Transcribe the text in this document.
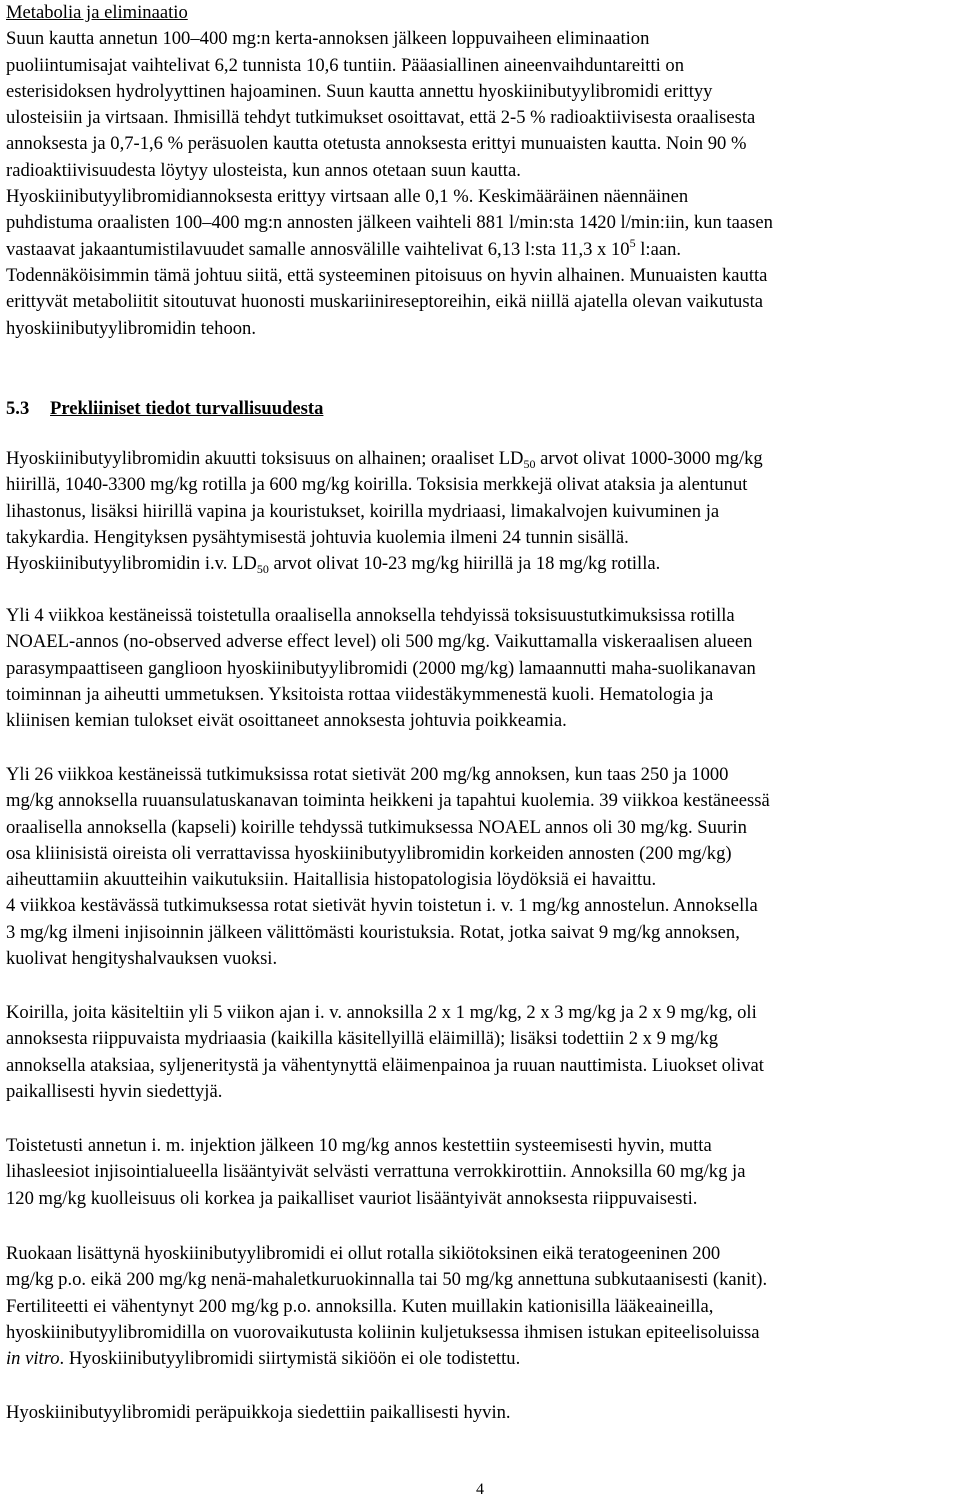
Metabolia ja eliminaatio

Suun kautta annetun 100–400 mg:n kerta-annoksen jälkeen loppuvaiheen eliminaation

puoliintumisajat vaihtelivat 6,2 tunnista 10,6 tuntiin. Pääasiallinen aineenvaihduntareitti on

esterisidoksen hydrolyyttinen hajoaminen. Suun kautta annettu hyoskiinibutyylibromidi erittyy

ulosteisiin ja virtsaan. Ihmisillä tehdyt tutkimukset osoittavat, että 2-5 % radioaktiivisesta oraalisesta

annoksesta ja 0,7-1,6 % peräsuolen kautta otetusta annoksesta erittyi munuaisten kautta. Noin 90 %

radioaktiivisuudesta löytyy ulosteista, kun annos otetaan suun kautta.

Hyoskiinibutyylibromidiannoksesta erittyy virtsaan alle 0,1 %. Keskimääräinen näennäinen

puhdistuma oraalisten 100–400 mg:n annosten jälkeen vaihteli 881 l/min:sta 1420 l/min:iin, kun taasen

vastaavat jakaantumistilavuudet samalle annosvälille vaihtelivat 6,13 l:sta 11,3 x $10^5$ l:aan.

Todennäköisimmin tämä johtuu siitä, että systeeminen pitoisuus on hyvin alhainen. Munuaisten kautta

erittyvät metaboliitit sitoutuvat huonosti muskariinireseptoreihin, eikä niillä ajatella olevan vaikutusta

hyoskiinibutyylibromidin tehoon.

5.3 Prekliiniset tiedot turvallisuudesta

Hyoskiinibutyylibromidin akuutti toksisuus on alhainen; oraaliset $LD_{50}$ arvot olivat 1000-3000 mg/kg

hiirillä, 1040-3300 mg/kg rotilla ja 600 mg/kg koirilla. Toksisia merkkejä olivat ataksia ja alentunut

lihastonus, lisäksi hiirillä vapina ja kouristukset, koirilla mydriaasi, limakalvojen kuivuminen ja

takykardia. Hengityksen pysähtymisestä johtuvia kuolemia ilmeni 24 tunnin sisällä.

Hyoskiinibutyylibromidin i.v. $LD_{50}$ arvot olivat 10-23 mg/kg hiirillä ja 18 mg/kg rotilla.

Yli 4 viikkoa kestäneissä toistetulla oraalisella annoksella tehdyissä toksisuustutkimuksissa rotilla

NOAEL-annos (no-observed adverse effect level) oli 500 mg/kg. Vaikuttamalla viskeraalisen alueen

parasympaattiseen ganglioon hyoskiinibutyylibromidi (2000 mg/kg) lamaannutti maha-suolikanavan

toiminnan ja aiheutti ummetuksen. Yksitoista rottaa viidestäkymmenestä kuoli. Hematologia ja

kliinisen kemian tulokset eivät osoittaneet annoksesta johtuvia poikkeamia.

Yli 26 viikkoa kestäneissä tutkimuksissa rotat sietivät 200 mg/kg annoksen, kun taas 250 ja 1000

mg/kg annoksella ruuansulatuskanavan toiminta heikkeni ja tapahtui kuolemia. 39 viikkoa kestäneessä

oraalisella annoksella (kapseli) koirille tehdyssä tutkimuksessa NOAEL annos oli 30 mg/kg. Suurin

osa kliinisistä oireista oli verrattavissa hyoskiinibutyylibromidin korkeiden annosten (200 mg/kg)

aiheuttamiin akuutteihin vaikutuksiin. Haitallisia histopatologisia löydöksiä ei havaittu.

4 viikkoa kestävässä tutkimuksessa rotat sietivät hyvin toistetun i. v. 1 mg/kg annostelun. Annoksella

3 mg/kg ilmeni injisoinnin jälkeen välittömästi kouristuksia. Rotat, jotka saivat 9 mg/kg annoksen,

kuolivat hengityshalvauksen vuoksi.

Koirilla, joita käsiteltiin yli 5 viikon ajan i. v. annoksilla 2 x 1 mg/kg, 2 x 3 mg/kg ja 2 x 9 mg/kg, oli

annoksesta riippuvaista mydriaasia (kaikilla käsitellyillä eläimillä); lisäksi todettiin 2 x 9 mg/kg

annoksella ataksiaa, syljeneritystä ja vähentynyttä eläimenpainoa ja ruuan nauttimista. Liuokset olivat

paikallisesti hyvin siedettyjä.

Toistetusti annetun i. m. injektion jälkeen 10 mg/kg annos kestettiin systeemisesti hyvin, mutta

lihasleesiot injisointialueella lisääntyivät selvästi verrattuna verrokkirottiin. Annoksilla 60 mg/kg ja

120 mg/kg kuolleisuus oli korkea ja paikalliset vauriot lisääntyivät annoksesta riippuvaisesti.

Ruokaan lisättynä hyoskiinibutyylibromidi ei ollut rotalla sikiötoksinen eikä teratogeeninen 200

mg/kg p.o. eikä 200 mg/kg nenä-mahaletkuruokinnalla tai 50 mg/kg annettuna subkutaanisesti (kanit).

Fertiliteetti ei vähentynyt 200 mg/kg p.o. annoksilla. Kuten muillakin kationisilla lääkeaineilla,

hyoskiinibutyylibromidilla on vuorovaikutusta koliinin kuljetuksessa ihmisen istukan epiteelisoluissa

in vitro. Hyoskiinibutyylibromidi siirtymistä sikiöön ei ole todistettu.

Hyoskiinibutyylibromidi peräpuikkoja siedettiin paikallisesti hyvin.

4
